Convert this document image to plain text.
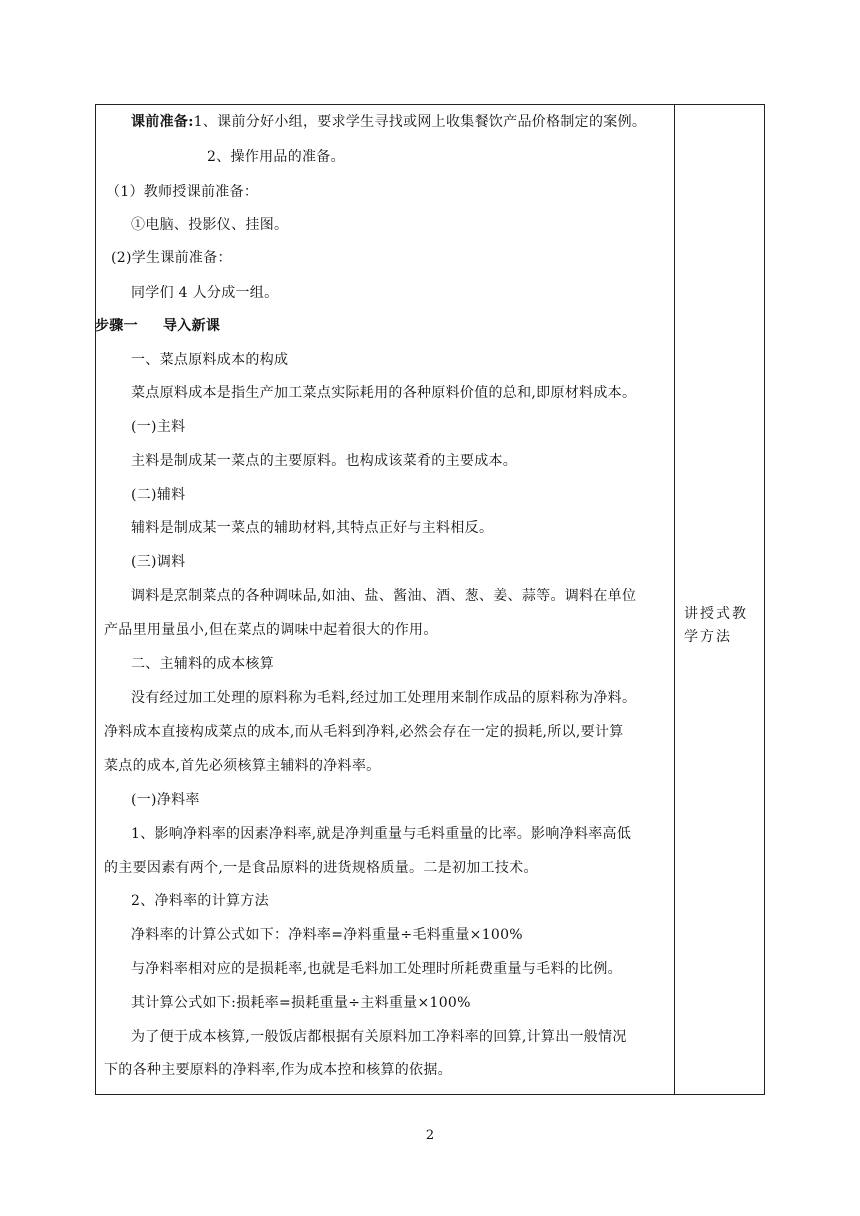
课前准备:1、课前分好小组，要求学生寻找或网上收集餐饮产品价格制定的案例。
2、操作用品的准备。
（1）教师授课前准备：
①电脑、投影仪、挂图。
(2)学生课前准备：
同学们 4 人分成一组。
步骤一 导入新课
一、菜点原料成本的构成
菜点原料成本是指生产加工菜点实际耗用的各种原料价值的总和,即原材料成本。
(一)主料
主料是制成某一菜点的主要原料。也构成该菜肴的主要成本。
(二)辅料
辅料是制成某一菜点的辅助材料,其特点正好与主料相反。
(三)调料
调料是烹制菜点的各种调味品,如油、盐、酱油、酒、葱、姜、蒜等。调料在单位
产品里用量虽小,但在菜点的调味中起着很大的作用。
二、主辅料的成本核算
没有经过加工处理的原料称为毛料,经过加工处理用来制作成品的原料称为净料。
净料成本直接构成菜点的成本,而从毛料到净料,必然会存在一定的损耗,所以,要计算
菜点的成本,首先必须核算主辅料的净料率。
(一)净料率
1、影响净料率的因素净料率,就是净判重量与毛料重量的比率。影响净料率高低
的主要因素有两个,一是食品原料的进货规格质量。二是初加工技术。
2、净料率的计算方法
净料率的计算公式如下：净料率=净料重量÷毛料重量×100%
与净料率相对应的是损耗率,也就是毛料加工处理时所耗费重量与毛料的比例。
其计算公式如下:损耗率=损耗重量÷主料重量×100%
为了便于成本核算,一般饭店都根据有关原料加工净料率的回算,计算出一般情况
下的各种主要原料的净料率,作为成本控和核算的依据。
讲授式教
学方法
2
